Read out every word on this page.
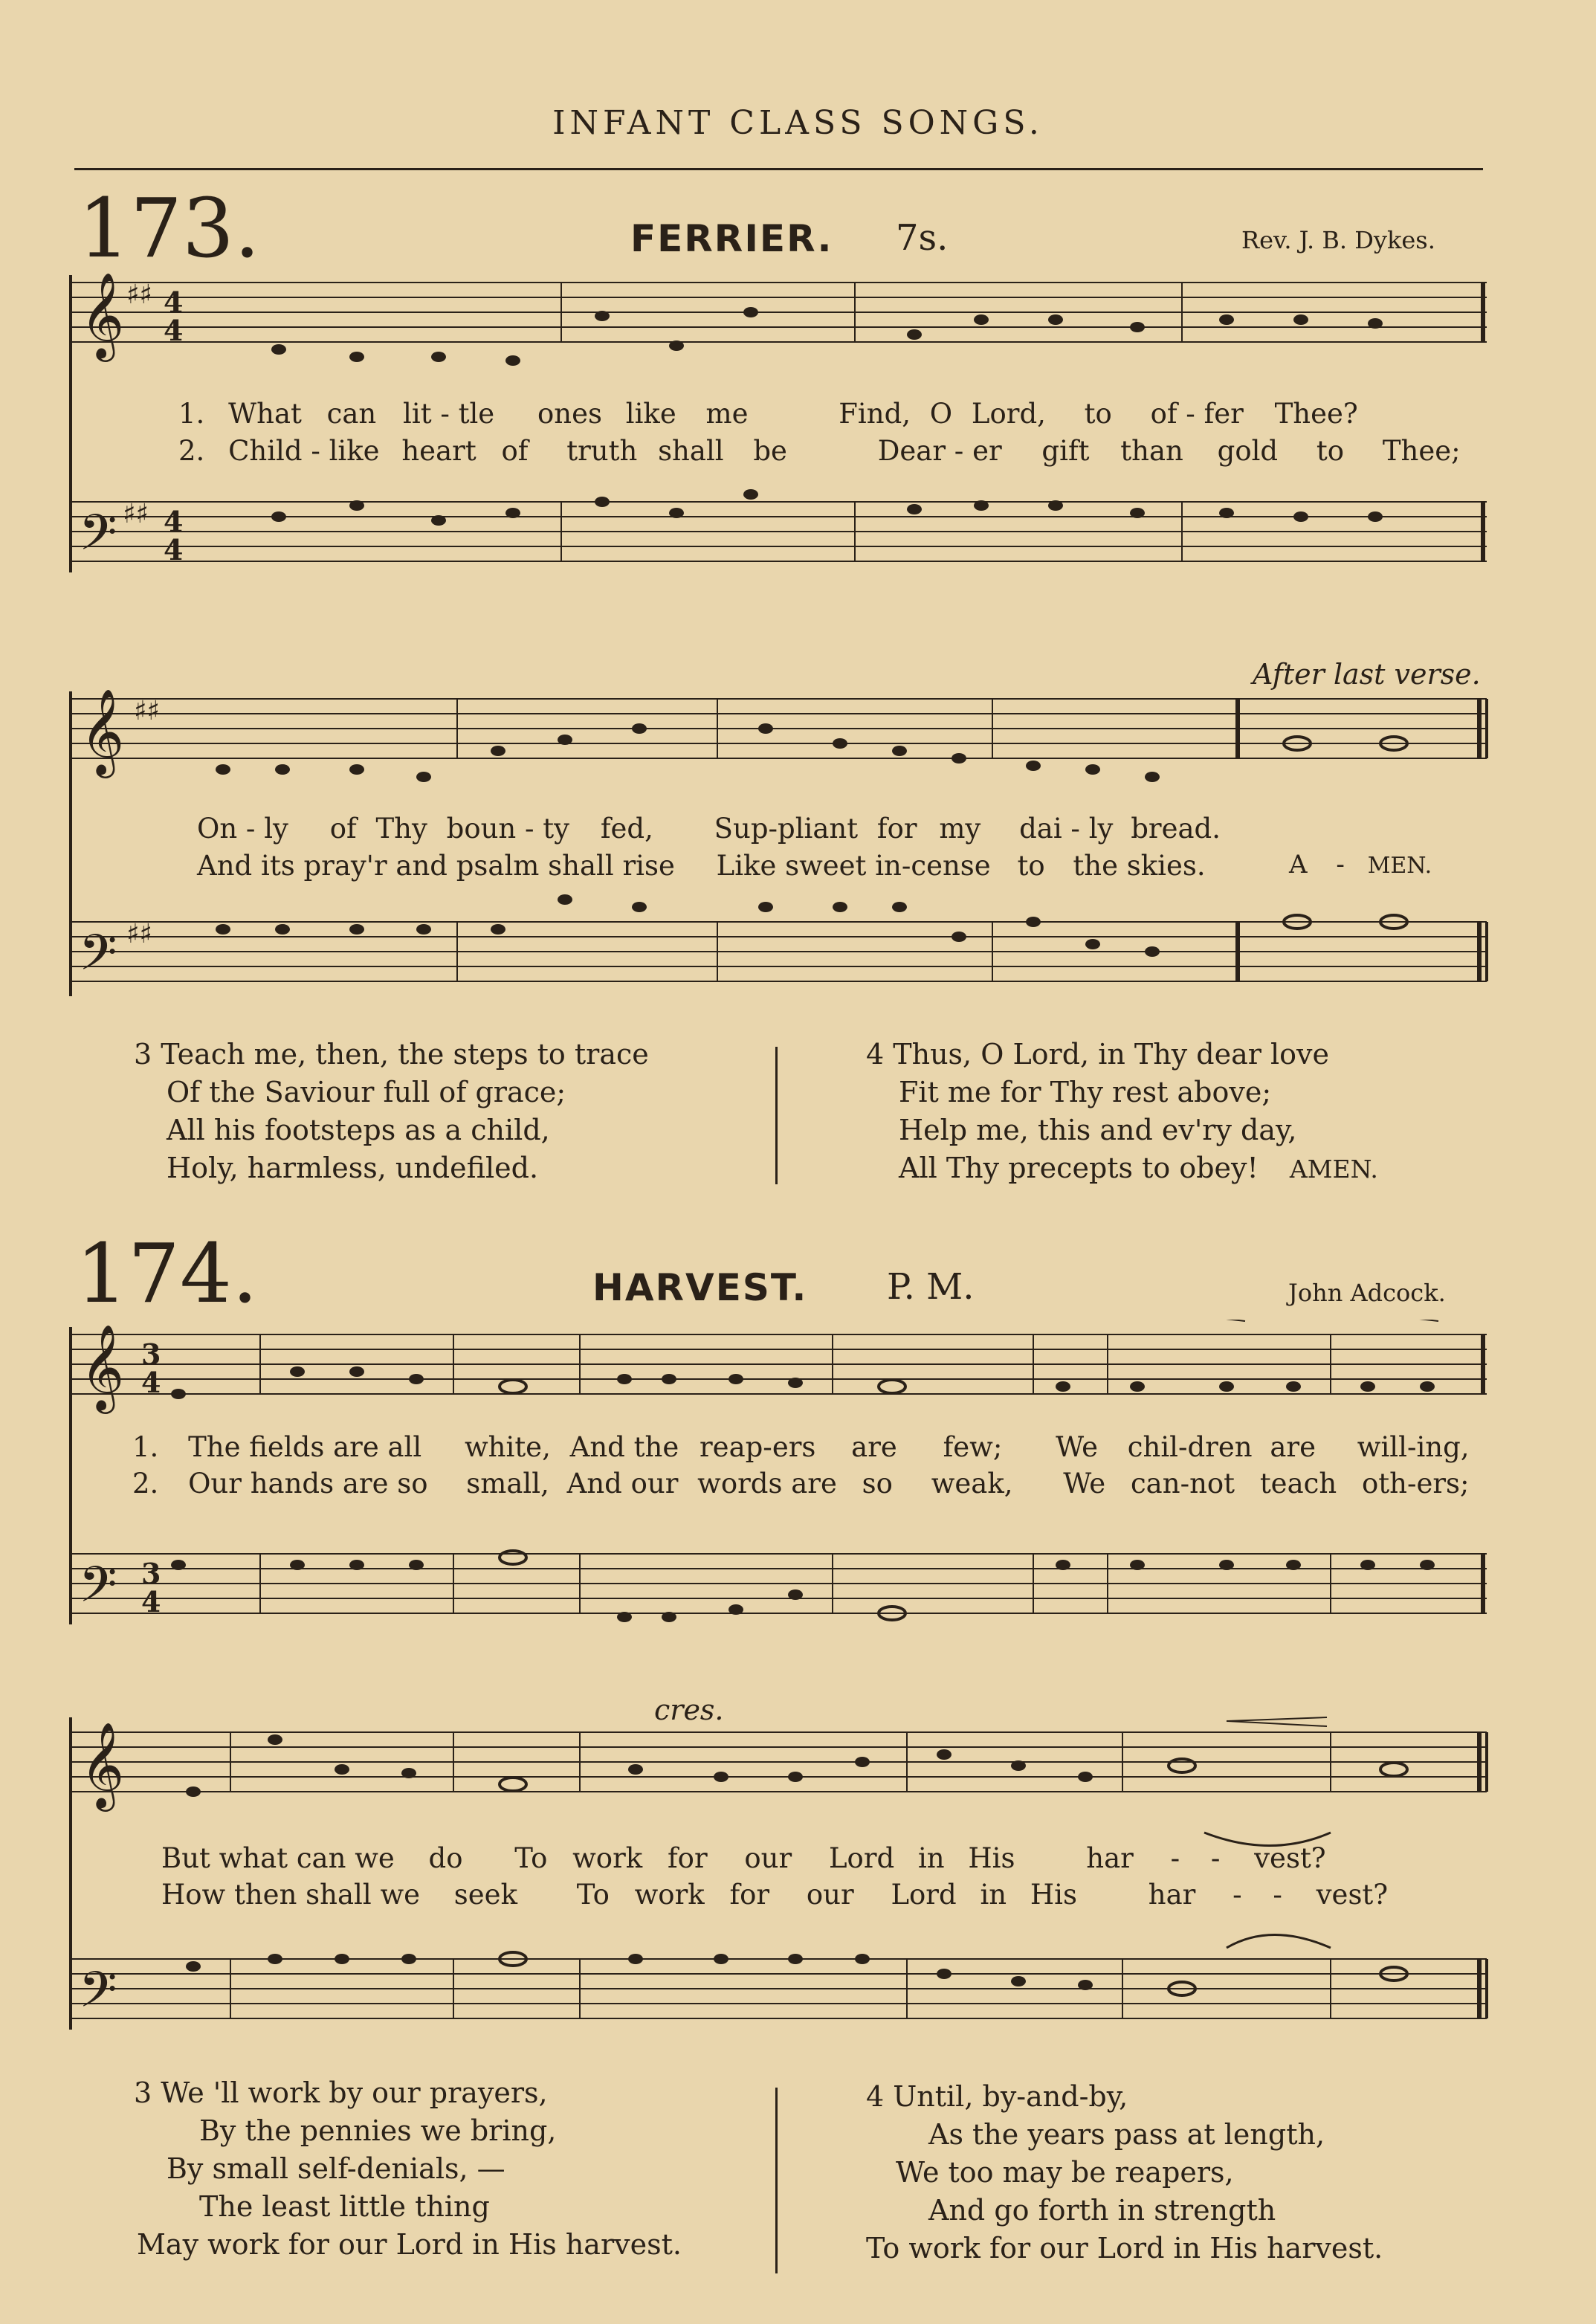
INFANT CLASS SONGS.
173.	FERRIER. 7s.	Rev. J. B. Dykes.
𝄞
𝄢
♯♯ 4
4
♯♯ 4
4
1. What can lit - tle ones like me	Find, O Lord, to of - fer Thee?
2. Child - like heart of truth shall be	Dear - er gift than gold to Thee;
After last verse.
𝄞
𝄢
♯♯
♯♯
On - ly of Thy boun - ty fed, Sup-pliant for my dai - ly bread.
And its pray'r and psalm shall rise Like sweet in-cense to the skies.	A - MEN.
3 Teach me, then, the steps to trace
Of the Saviour full of grace;
All his footsteps as a child,
Holy, harmless, undefiled.
4 Thus, O Lord, in Thy dear love
Fit me for Thy rest above;
Help me, this and ev'ry day,
All Thy precepts to obey! AMEN.
174.	HARVEST. P. M.	John Adcock.
𝄞
𝄢
3
4
3
4
1. The fields are all white, And the reap-ers are few; We chil-dren are will-ing,
2. Our hands are so small, And our words are so weak, We can-not teach oth-ers;
cres.
𝄞
𝄢
But what can we do To work for our Lord in His	har - - vest?
How then shall we seek To work for our Lord in His	har - - vest?
3 We 'll work by our prayers,
By the pennies we bring,
By small self-denials, —
The least little thing
May work for our Lord in His harvest.
4 Until, by-and-by,
As the years pass at length,
We too may be reapers,
And go forth in strength
To work for our Lord in His harvest.
